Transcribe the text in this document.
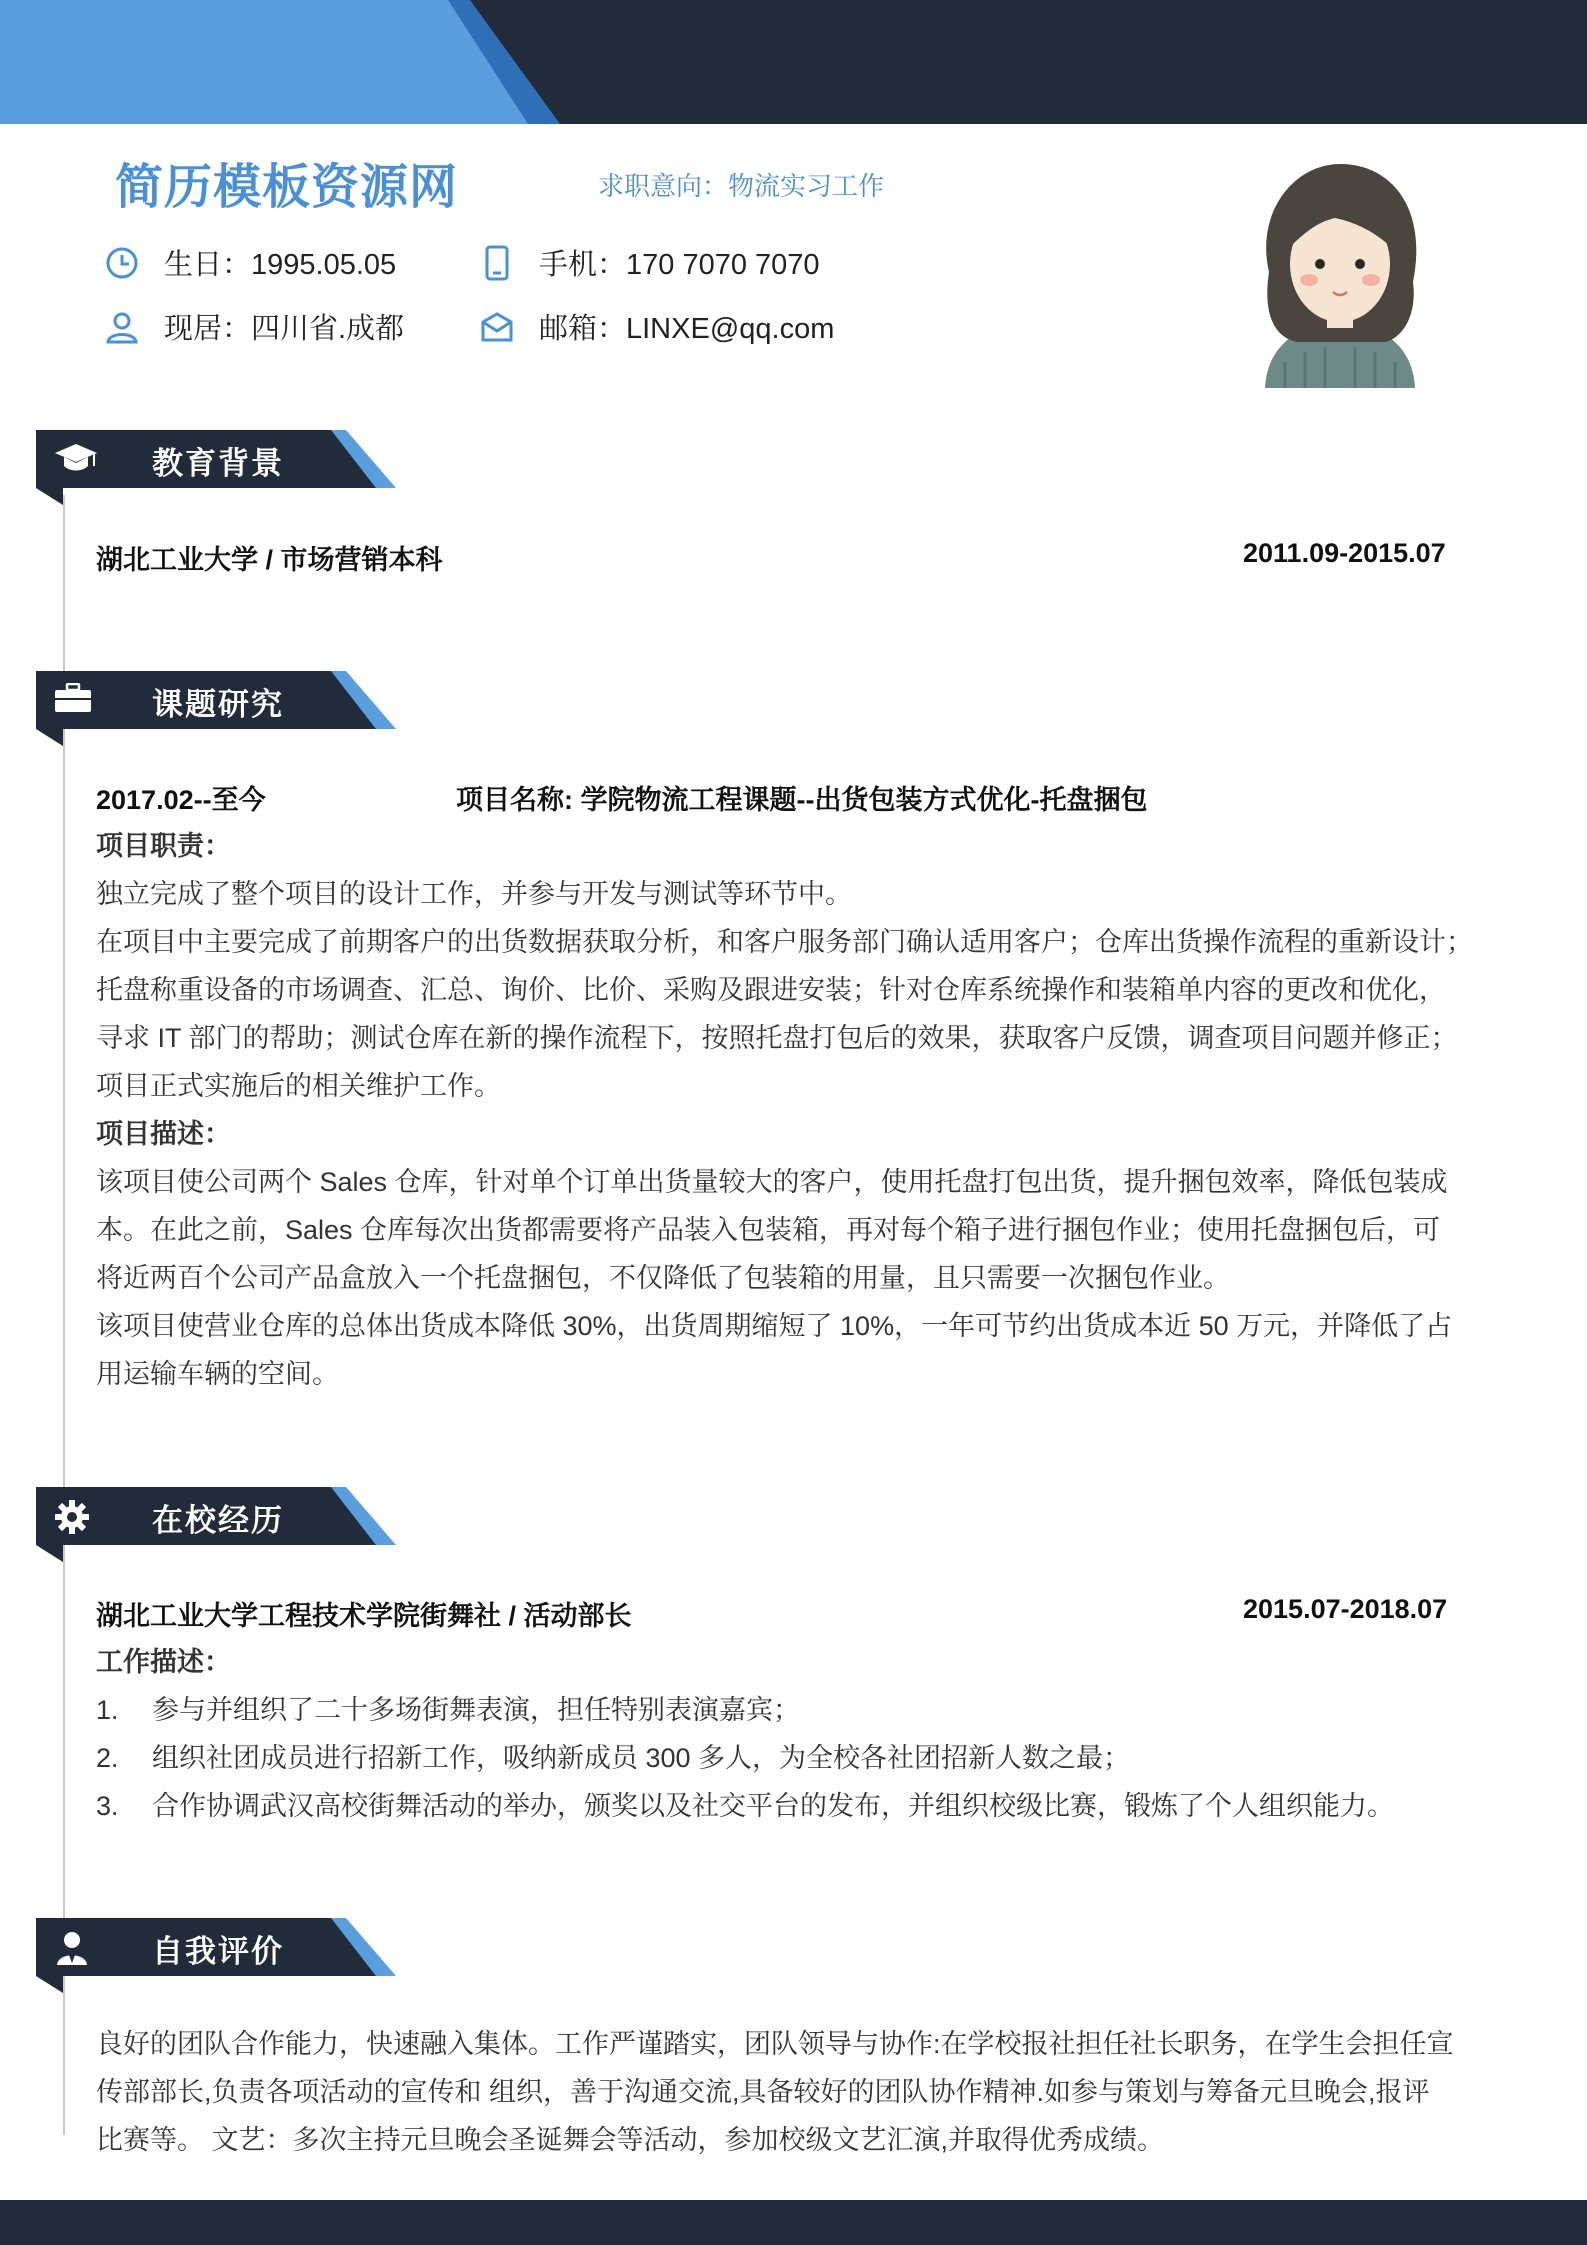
简历模板资源网	求职意向：物流实习工作
生日：1995.05.05	手机：170 7070 7070
现居：四川省.成都	邮箱：LINXE@qq.com
教育背景
湖北工业大学 / 市场营销本科	2011.09-2015.07
课题研究
2017.02--至今	项目名称: 学院物流工程课题--出货包装方式优化-托盘捆包
项目职责：
独立完成了整个项目的设计工作，并参与开发与测试等环节中。
在项目中主要完成了前期客户的出货数据获取分析，和客户服务部门确认适用客户；仓库出货操作流程的重新设计；
托盘称重设备的市场调查、汇总、询价、比价、采购及跟进安装；针对仓库系统操作和装箱单内容的更改和优化，
寻求 IT 部门的帮助；测试仓库在新的操作流程下，按照托盘打包后的效果，获取客户反馈，调查项目问题并修正；
项目正式实施后的相关维护工作。
项目描述：
该项目使公司两个 Sales 仓库，针对单个订单出货量较大的客户，使用托盘打包出货，提升捆包效率，降低包装成
本。在此之前，Sales 仓库每次出货都需要将产品装入包装箱，再对每个箱子进行捆包作业；使用托盘捆包后，可
将近两百个公司产品盒放入一个托盘捆包，不仅降低了包装箱的用量，且只需要一次捆包作业。
该项目使营业仓库的总体出货成本降低 30%，出货周期缩短了 10%，一年可节约出货成本近 50 万元，并降低了占
用运输车辆的空间。
在校经历
湖北工业大学工程技术学院街舞社 / 活动部长	2015.07-2018.07
工作描述：
1. 参与并组织了二十多场街舞表演，担任特别表演嘉宾；
2. 组织社团成员进行招新工作，吸纳新成员 300 多人，为全校各社团招新人数之最；
3. 合作协调武汉高校街舞活动的举办，颁奖以及社交平台的发布，并组织校级比赛，锻炼了个人组织能力。
自我评价
良好的团队合作能力，快速融入集体。工作严谨踏实，团队领导与协作:在学校报社担任社长职务，在学生会担任宣
传部部长,负责各项活动的宣传和 组织，善于沟通交流,具备较好的团队协作精神.如参与策划与筹备元旦晚会,报评
比赛等。 文艺：多次主持元旦晚会圣诞舞会等活动，参加校级文艺汇演,并取得优秀成绩。
